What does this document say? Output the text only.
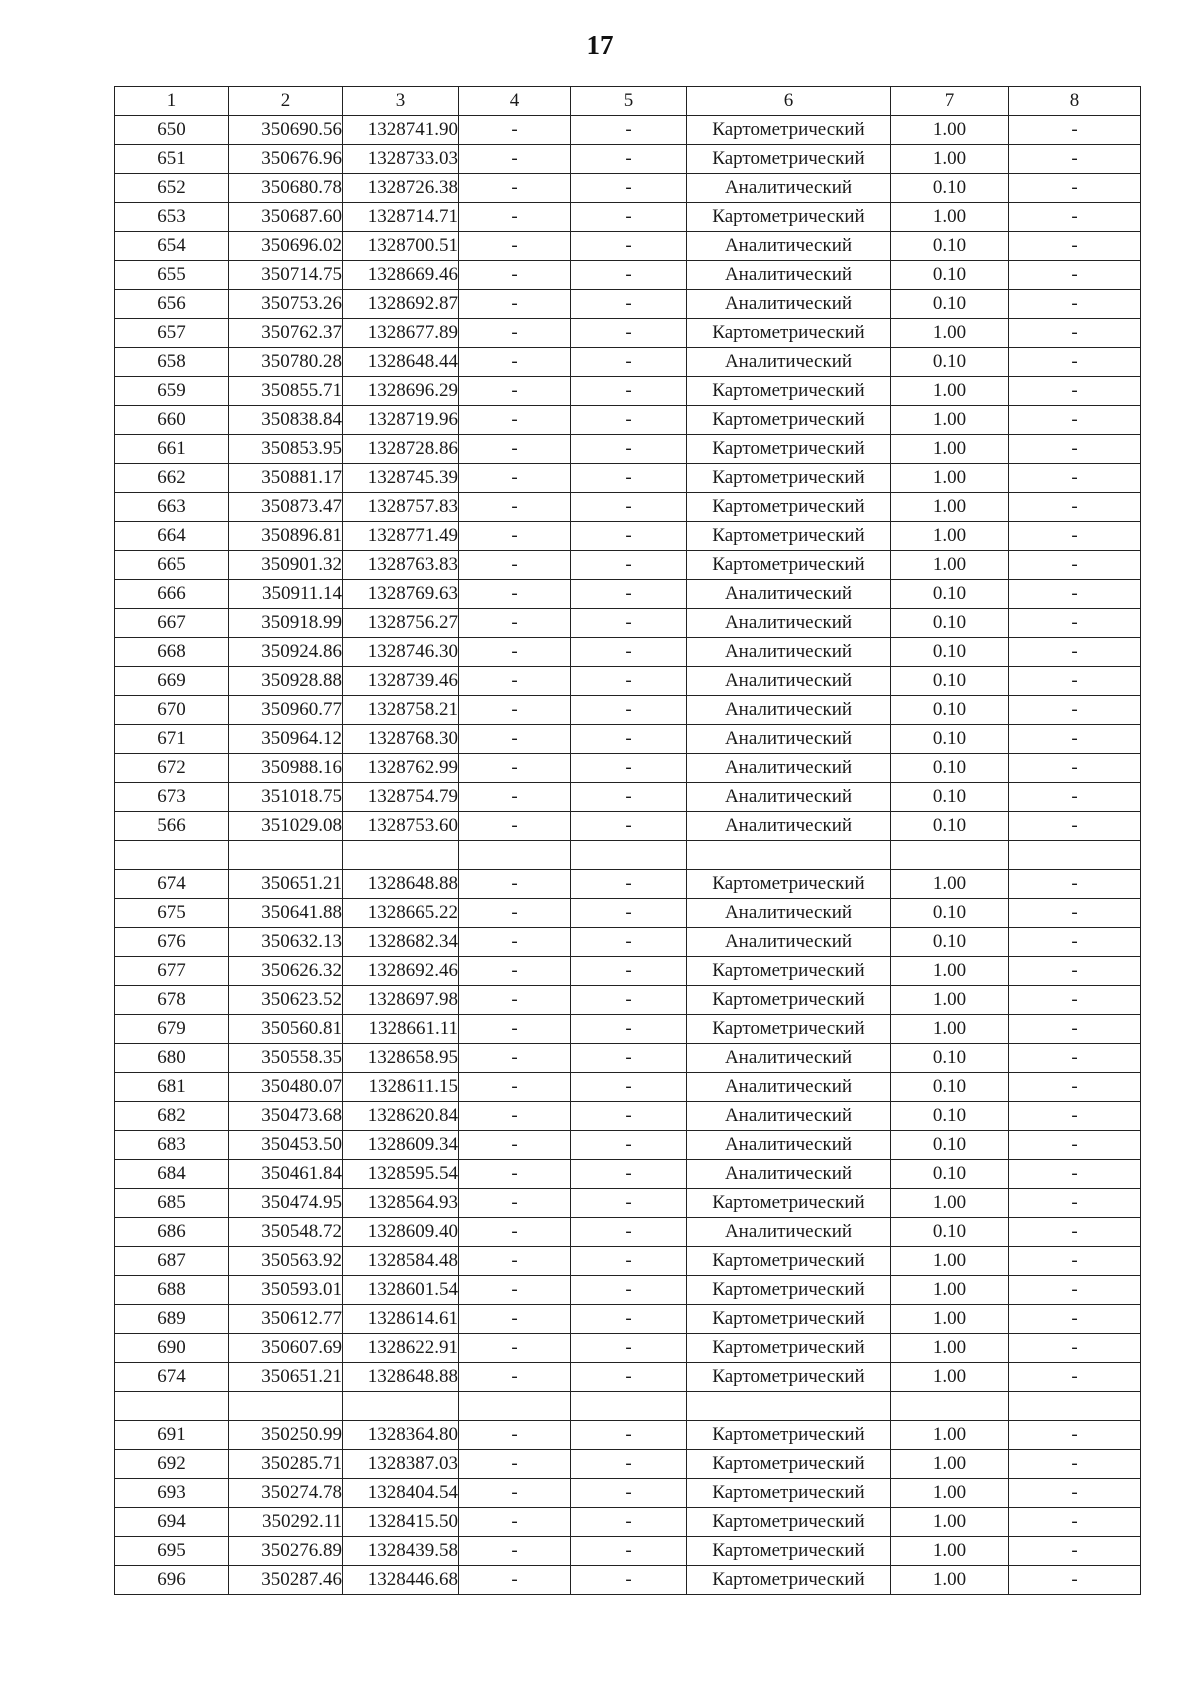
17
1	2	3	4	5	6	7	8
650	350690.56	1328741.90	-	-	Картометрический	1.00	-
651	350676.96	1328733.03	-	-	Картометрический	1.00	-
652	350680.78	1328726.38	-	-	Аналитический	0.10	-
653	350687.60	1328714.71	-	-	Картометрический	1.00	-
654	350696.02	1328700.51	-	-	Аналитический	0.10	-
655	350714.75	1328669.46	-	-	Аналитический	0.10	-
656	350753.26	1328692.87	-	-	Аналитический	0.10	-
657	350762.37	1328677.89	-	-	Картометрический	1.00	-
658	350780.28	1328648.44	-	-	Аналитический	0.10	-
659	350855.71	1328696.29	-	-	Картометрический	1.00	-
660	350838.84	1328719.96	-	-	Картометрический	1.00	-
661	350853.95	1328728.86	-	-	Картометрический	1.00	-
662	350881.17	1328745.39	-	-	Картометрический	1.00	-
663	350873.47	1328757.83	-	-	Картометрический	1.00	-
664	350896.81	1328771.49	-	-	Картометрический	1.00	-
665	350901.32	1328763.83	-	-	Картометрический	1.00	-
666	350911.14	1328769.63	-	-	Аналитический	0.10	-
667	350918.99	1328756.27	-	-	Аналитический	0.10	-
668	350924.86	1328746.30	-	-	Аналитический	0.10	-
669	350928.88	1328739.46	-	-	Аналитический	0.10	-
670	350960.77	1328758.21	-	-	Аналитический	0.10	-
671	350964.12	1328768.30	-	-	Аналитический	0.10	-
672	350988.16	1328762.99	-	-	Аналитический	0.10	-
673	351018.75	1328754.79	-	-	Аналитический	0.10	-
566	351029.08	1328753.60	-	-	Аналитический	0.10	-

674	350651.21	1328648.88	-	-	Картометрический	1.00	-
675	350641.88	1328665.22	-	-	Аналитический	0.10	-
676	350632.13	1328682.34	-	-	Аналитический	0.10	-
677	350626.32	1328692.46	-	-	Картометрический	1.00	-
678	350623.52	1328697.98	-	-	Картометрический	1.00	-
679	350560.81	1328661.11	-	-	Картометрический	1.00	-
680	350558.35	1328658.95	-	-	Аналитический	0.10	-
681	350480.07	1328611.15	-	-	Аналитический	0.10	-
682	350473.68	1328620.84	-	-	Аналитический	0.10	-
683	350453.50	1328609.34	-	-	Аналитический	0.10	-
684	350461.84	1328595.54	-	-	Аналитический	0.10	-
685	350474.95	1328564.93	-	-	Картометрический	1.00	-
686	350548.72	1328609.40	-	-	Аналитический	0.10	-
687	350563.92	1328584.48	-	-	Картометрический	1.00	-
688	350593.01	1328601.54	-	-	Картометрический	1.00	-
689	350612.77	1328614.61	-	-	Картометрический	1.00	-
690	350607.69	1328622.91	-	-	Картометрический	1.00	-
674	350651.21	1328648.88	-	-	Картометрический	1.00	-

691	350250.99	1328364.80	-	-	Картометрический	1.00	-
692	350285.71	1328387.03	-	-	Картометрический	1.00	-
693	350274.78	1328404.54	-	-	Картометрический	1.00	-
694	350292.11	1328415.50	-	-	Картометрический	1.00	-
695	350276.89	1328439.58	-	-	Картометрический	1.00	-
696	350287.46	1328446.68	-	-	Картометрический	1.00	-
